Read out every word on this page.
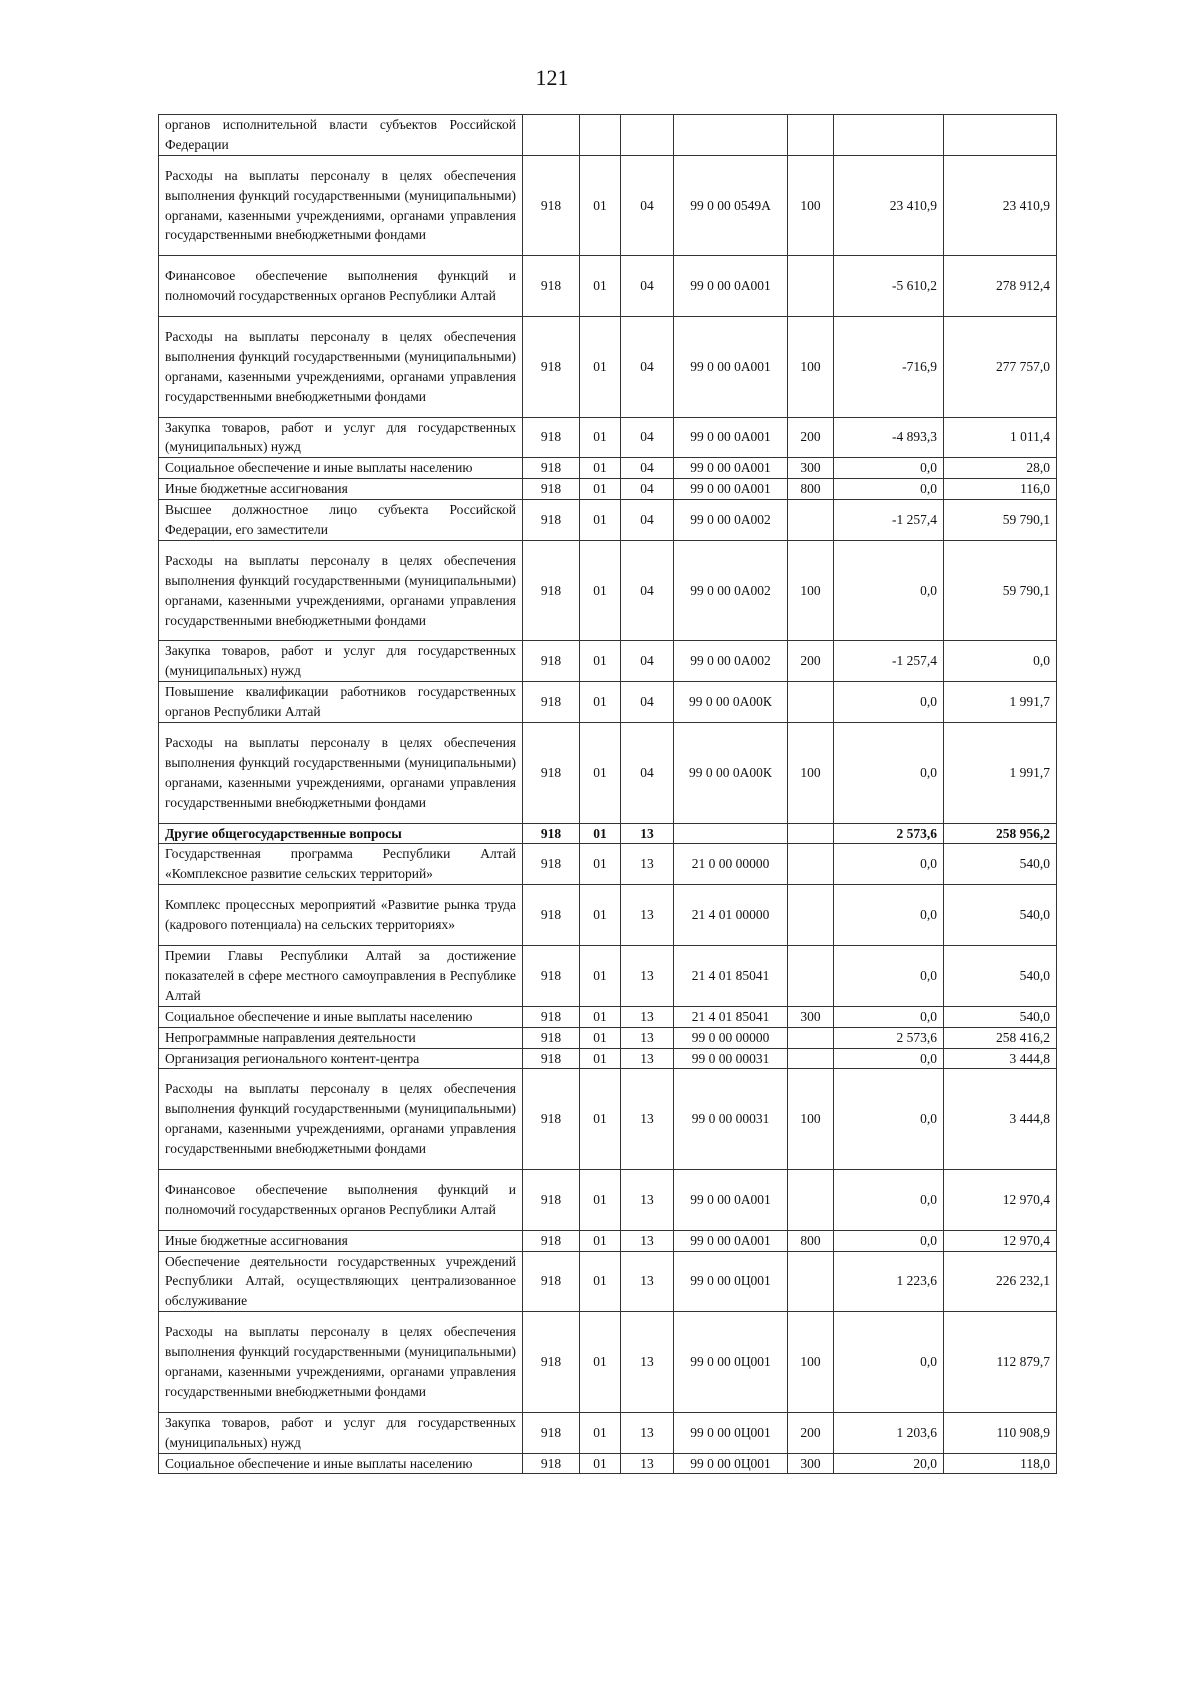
121
органов исполнительной власти субъектов Российской Федерации							
Расходы на выплаты персоналу в целях обеспечения выполнения функций государственными (муниципальными) органами, казенными учреждениями, органами управления государственными внебюджетными фондами	918	01	04	99 0 00 0549А	100	23 410,9	23 410,9
Финансовое обеспечение выполнения функций и полномочий государственных органов Республики Алтай	918	01	04	99 0 00 0А001		-5 610,2	278 912,4
Расходы на выплаты персоналу в целях обеспечения выполнения функций государственными (муниципальными) органами, казенными учреждениями, органами управления государственными внебюджетными фондами	918	01	04	99 0 00 0А001	100	-716,9	277 757,0
Закупка товаров, работ и услуг для государственных (муниципальных) нужд	918	01	04	99 0 00 0А001	200	-4 893,3	1 011,4
Социальное обеспечение и иные выплаты населению	918	01	04	99 0 00 0А001	300	0,0	28,0
Иные бюджетные ассигнования	918	01	04	99 0 00 0А001	800	0,0	116,0
Высшее должностное лицо субъекта Российской Федерации, его заместители	918	01	04	99 0 00 0А002		-1 257,4	59 790,1
Расходы на выплаты персоналу в целях обеспечения выполнения функций государственными (муниципальными) органами, казенными учреждениями, органами управления государственными внебюджетными фондами	918	01	04	99 0 00 0А002	100	0,0	59 790,1
Закупка товаров, работ и услуг для государственных (муниципальных) нужд	918	01	04	99 0 00 0А002	200	-1 257,4	0,0
Повышение квалификации работников государственных органов Республики Алтай	918	01	04	99 0 00 0А00К		0,0	1 991,7
Расходы на выплаты персоналу в целях обеспечения выполнения функций государственными (муниципальными) органами, казенными учреждениями, органами управления государственными внебюджетными фондами	918	01	04	99 0 00 0А00К	100	0,0	1 991,7
Другие общегосударственные вопросы	918	01	13			2 573,6	258 956,2
Государственная программа Республики Алтай «Комплексное развитие сельских территорий»	918	01	13	21 0 00 00000		0,0	540,0
Комплекс процессных мероприятий «Развитие рынка труда (кадрового потенциала) на сельских территориях»	918	01	13	21 4 01 00000		0,0	540,0
Премии Главы Республики Алтай за достижение показателей в сфере местного самоуправления в Республике Алтай	918	01	13	21 4 01 85041		0,0	540,0
Социальное обеспечение и иные выплаты населению	918	01	13	21 4 01 85041	300	0,0	540,0
Непрограммные направления деятельности	918	01	13	99 0 00 00000		2 573,6	258 416,2
Организация регионального контент-центра	918	01	13	99 0 00 00031		0,0	3 444,8
Расходы на выплаты персоналу в целях обеспечения выполнения функций государственными (муниципальными) органами, казенными учреждениями, органами управления государственными внебюджетными фондами	918	01	13	99 0 00 00031	100	0,0	3 444,8
Финансовое обеспечение выполнения функций и полномочий государственных органов Республики Алтай	918	01	13	99 0 00 0А001		0,0	12 970,4
Иные бюджетные ассигнования	918	01	13	99 0 00 0А001	800	0,0	12 970,4
Обеспечение деятельности государственных учреждений Республики Алтай, осуществляющих централизованное обслуживание	918	01	13	99 0 00 0Ц001		1 223,6	226 232,1
Расходы на выплаты персоналу в целях обеспечения выполнения функций государственными (муниципальными) органами, казенными учреждениями, органами управления государственными внебюджетными фондами	918	01	13	99 0 00 0Ц001	100	0,0	112 879,7
Закупка товаров, работ и услуг для государственных (муниципальных) нужд	918	01	13	99 0 00 0Ц001	200	1 203,6	110 908,9
Социальное обеспечение и иные выплаты населению	918	01	13	99 0 00 0Ц001	300	20,0	118,0
